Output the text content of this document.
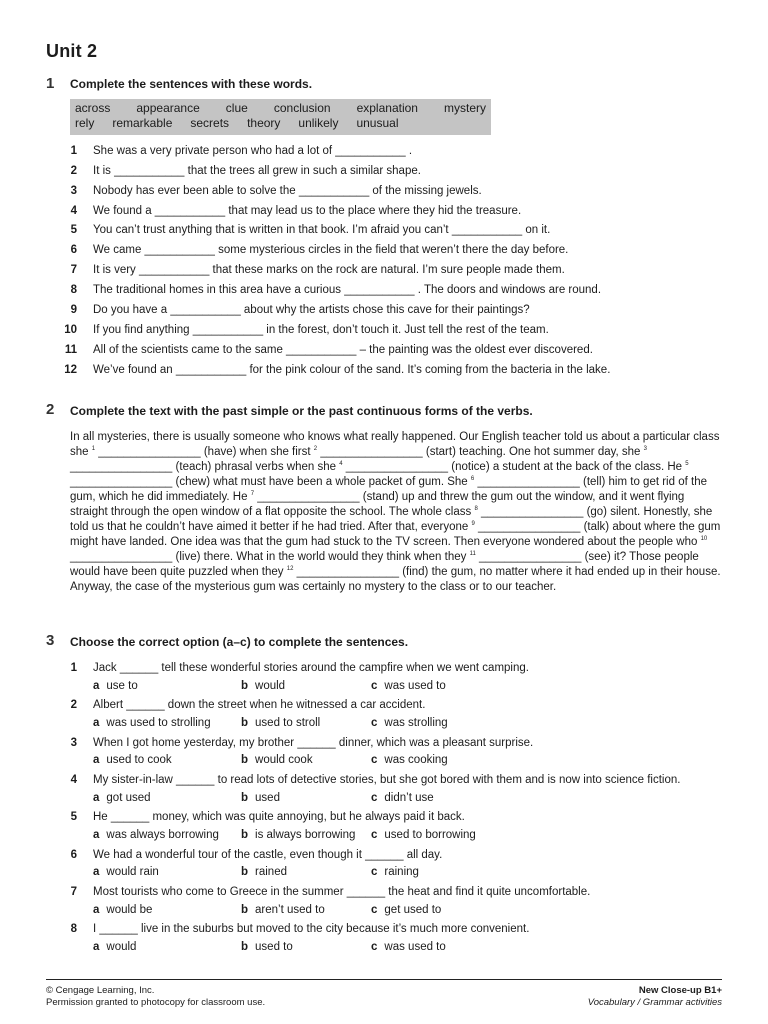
Unit 2
1 Complete the sentences with these words.
across appearance clue conclusion explanation mystery
rely remarkable secrets theory unlikely unusual
1 She was a very private person who had a lot of ___________ .
2 It is ___________ that the trees all grew in such a similar shape.
3 Nobody has ever been able to solve the ___________ of the missing jewels.
4 We found a ___________ that may lead us to the place where they hid the treasure.
5 You can’t trust anything that is written in that book. I’m afraid you can’t ___________ on it.
6 We came ___________ some mysterious circles in the field that weren’t there the day before.
7 It is very ___________ that these marks on the rock are natural. I’m sure people made them.
8 The traditional homes in this area have a curious ___________ . The doors and windows are round.
9 Do you have a ___________ about why the artists chose this cave for their paintings?
10 If you find anything ___________ in the forest, don’t touch it. Just tell the rest of the team.
11 All of the scientists came to the same ___________ – the painting was the oldest ever discovered.
12 We’ve found an ___________ for the pink colour of the sand. It’s coming from the bacteria in the lake.
2 Complete the text with the past simple or the past continuous forms of the verbs.
In all mysteries, there is usually someone who knows what really happened. Our English teacher told us about a particular class she $^1$ ________________ (have) when she first $^2$ ________________ (start) teaching. One hot summer day, she $^3$ ________________ (teach) phrasal verbs when she $^4$ ________________ (notice) a student at the back of the class. He $^5$ ________________ (chew) what must have been a whole packet of gum. She $^6$ ________________ (tell) him to get rid of the gum, which he did immediately. He $^7$ ________________ (stand) up and threw the gum out the window, and it went flying straight through the open window of a flat opposite the school. The whole class $^8$ ________________ (go) silent. Honestly, she told us that he couldn’t have aimed it better if he had tried. After that, everyone $^9$ ________________ (talk) about where the gum might have landed. One idea was that the gum had stuck to the TV screen. Then everyone wondered about the people who $^{10}$ ________________ (live) there. What in the world would they think when they $^{11}$ ________________ (see) it? Those people would have been quite puzzled when they $^{12}$ ________________ (find) the gum, no matter where it had ended up in their house. Anyway, the case of the mysterious gum was certainly no mystery to the class or to our teacher.
3 Choose the correct option (a–c) to complete the sentences.
1 Jack ______ tell these wonderful stories around the campfire when we went camping.
a use to	b would	c was used to
2 Albert ______ down the street when he witnessed a car accident.
a was used to strolling	b used to stroll	c was strolling
3 When I got home yesterday, my brother ______ dinner, which was a pleasant surprise.
a used to cook	b would cook	c was cooking
4 My sister-in-law ______ to read lots of detective stories, but she got bored with them and is now into science fiction.
a got used	b used	c didn’t use
5 He ______ money, which was quite annoying, but he always paid it back.
a was always borrowing b is always borrowing c used to borrowing
6 We had a wonderful tour of the castle, even though it ______ all day.
a would rain	b rained	c raining
7 Most tourists who come to Greece in the summer ______ the heat and find it quite uncomfortable.
a would be	b aren’t used to	c get used to
8 I ______ live in the suburbs but moved to the city because it’s much more convenient.
a would	b used to	c was used to
© Cengage Learning, Inc.
Permission granted to photocopy for classroom use.
New Close-up B1+
Vocabulary / Grammar activities
